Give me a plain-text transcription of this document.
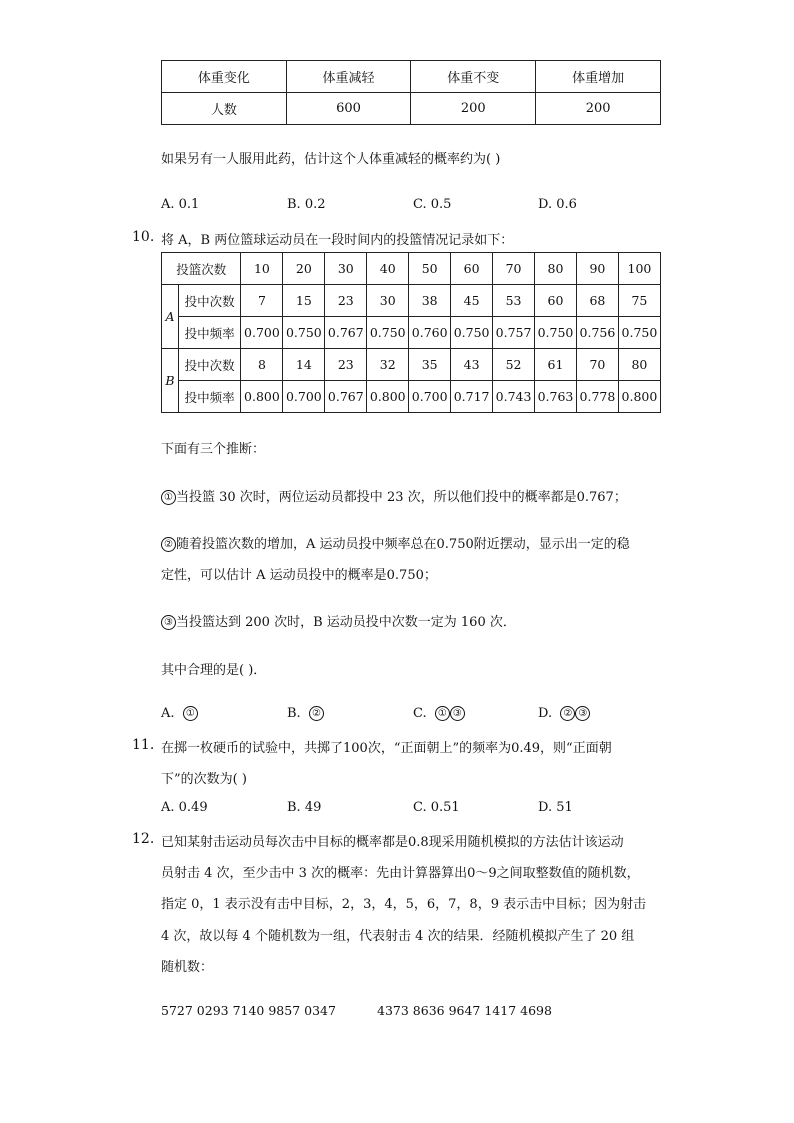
体重变化	体重减轻	体重不变	体重增加
人数	600	200	200
如果另有一人服用此药，估计这个人体重减轻的概率约为( )
A. 0.1	B. 0.2	C. 0.5	D. 0.6
10. 将 A，B 两位篮球运动员在一段时间内的投篮情况记录如下：
投篮次数		10	20	30	40	50	60	70	80	90	100
A	投中次数	7	15	23	30	38	45	53	60	68	75
	投中频率	0.700	0.750	0.767	0.750	0.760	0.750	0.757	0.750	0.756	0.750
B	投中次数	8	14	23	32	35	43	52	61	70	80
	投中频率	0.800	0.700	0.767	0.800	0.700	0.717	0.743	0.763	0.778	0.800
下面有三个推断：
① 当投篮 30 次时，两位运动员都投中 23 次，所以他们投中的概率都是0.767；
② 随着投篮次数的增加，A 运动员投中频率总在0.750附近摆动，显示出一定的稳
定性，可以估计 A 运动员投中的概率是0.750；
③ 当投篮达到 200 次时，B 运动员投中次数一定为 160 次．
其中合理的是( )．
A. ①	B. ②	C. ① ③	D. ② ③
11. 在掷一枚硬币的试验中，共掷了100次，“正面朝上”的频率为0.49，则“正面朝
下”的次数为( )
A. 0.49	B. 49	C. 0.51	D. 51
12. 已知某射击运动员每次击中目标的概率都是0.8现采用随机模拟的方法估计该运动
员射击 4 次，至少击中 3 次的概率：先由计算器算出0～9之间取整数值的随机数，
指定 0，1 表示没有击中目标，2，3，4，5，6，7，8，9 表示击中目标；因为射击
4 次，故以每 4 个随机数为一组，代表射击 4 次的结果．经随机模拟产生了 20 组
随机数：
5727 0293 7140 9857 0347	4373 8636 9647 1417 4698
